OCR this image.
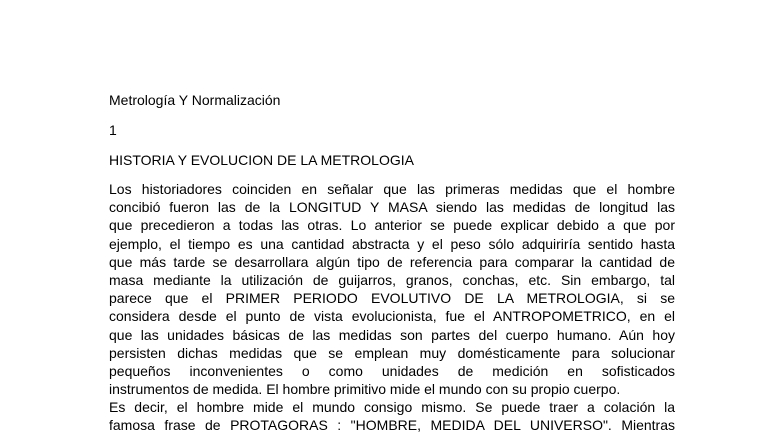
Metrología Y Normalización
1
HISTORIA Y EVOLUCION DE LA METROLOGIA
Los historiadores coinciden en señalar que las primeras medidas que el hombre
concibió fueron las de la LONGITUD Y MASA siendo las medidas de longitud las
que precedieron a todas las otras. Lo anterior se puede explicar debido a que por
ejemplo, el tiempo es una cantidad abstracta y el peso sólo adquiriría sentido hasta
que más tarde se desarrollara algún tipo de referencia para comparar la cantidad de
masa mediante la utilización de guijarros, granos, conchas, etc. Sin embargo, tal
parece que el PRIMER PERIODO EVOLUTIVO DE LA METROLOGIA, si se
considera desde el punto de vista evolucionista, fue el ANTROPOMETRICO, en el
que las unidades básicas de las medidas son partes del cuerpo humano. Aún hoy
persisten dichas medidas que se emplean muy domésticamente para solucionar
pequeños inconvenientes o como unidades de medición en sofisticados
instrumentos de medida. El hombre primitivo mide el mundo con su propio cuerpo.
Es decir, el hombre mide el mundo consigo mismo. Se puede traer a colación la
famosa frase de PROTAGORAS : "HOMBRE, MEDIDA DEL UNIVERSO". Mientras
